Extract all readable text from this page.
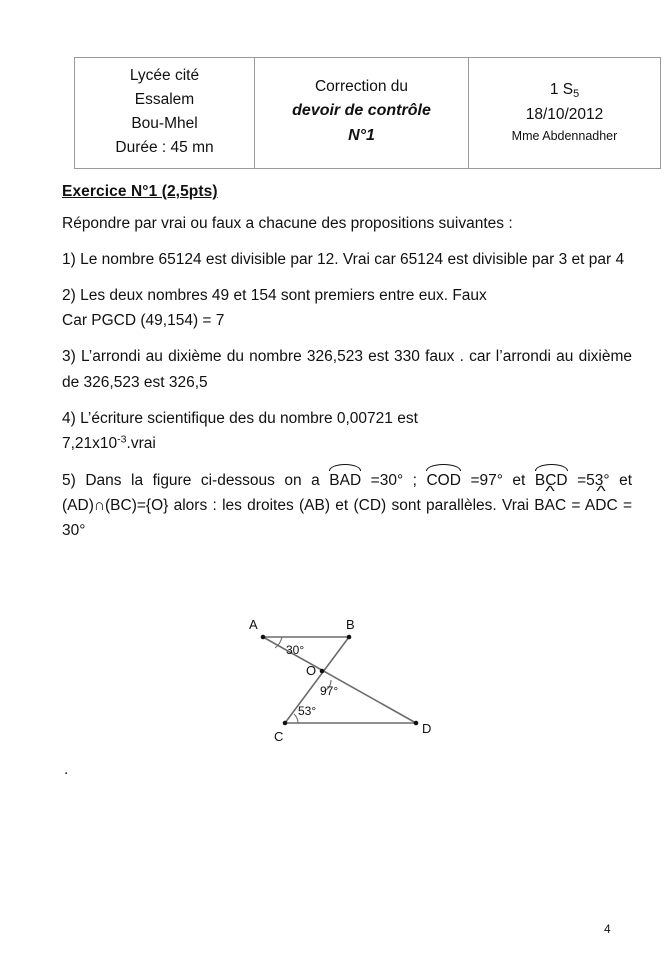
Lycée cité
Essalem
Bou-Mhel
Durée : 45 mn

Correction du
devoir de contrôle
N°1

1 $S_5$
18/10/2012
Mme Abdennadher
Exercice N°1 (2,5pts)

Répondre par vrai ou faux a chacune des propositions suivantes :

1) Le nombre 65124 est divisible par 12. Vrai car 65124 est divisible par 3 et par 4

2) Les deux nombres 49 et 154 sont premiers entre eux. Faux
Car PGCD (49,154) = 7

3) L’arrondi au dixième du nombre 326,523 est 330 faux . car l’arrondi au dixième de 326,523 est 326,5

4) L’écriture scientifique des du nombre 0,00721 est
$7,21x10^{-3}.vrai$

5) Dans la figure ci-dessous on a BAD =30° ; COD =97° et BCD =53° et (AD)∩(BC)={O} alors : les droites (AB) et (CD) sont parallèles. Vrai B^ AC = A^ DC = 30°

A	B
C
D
O
30°
97°
53°
.
4
